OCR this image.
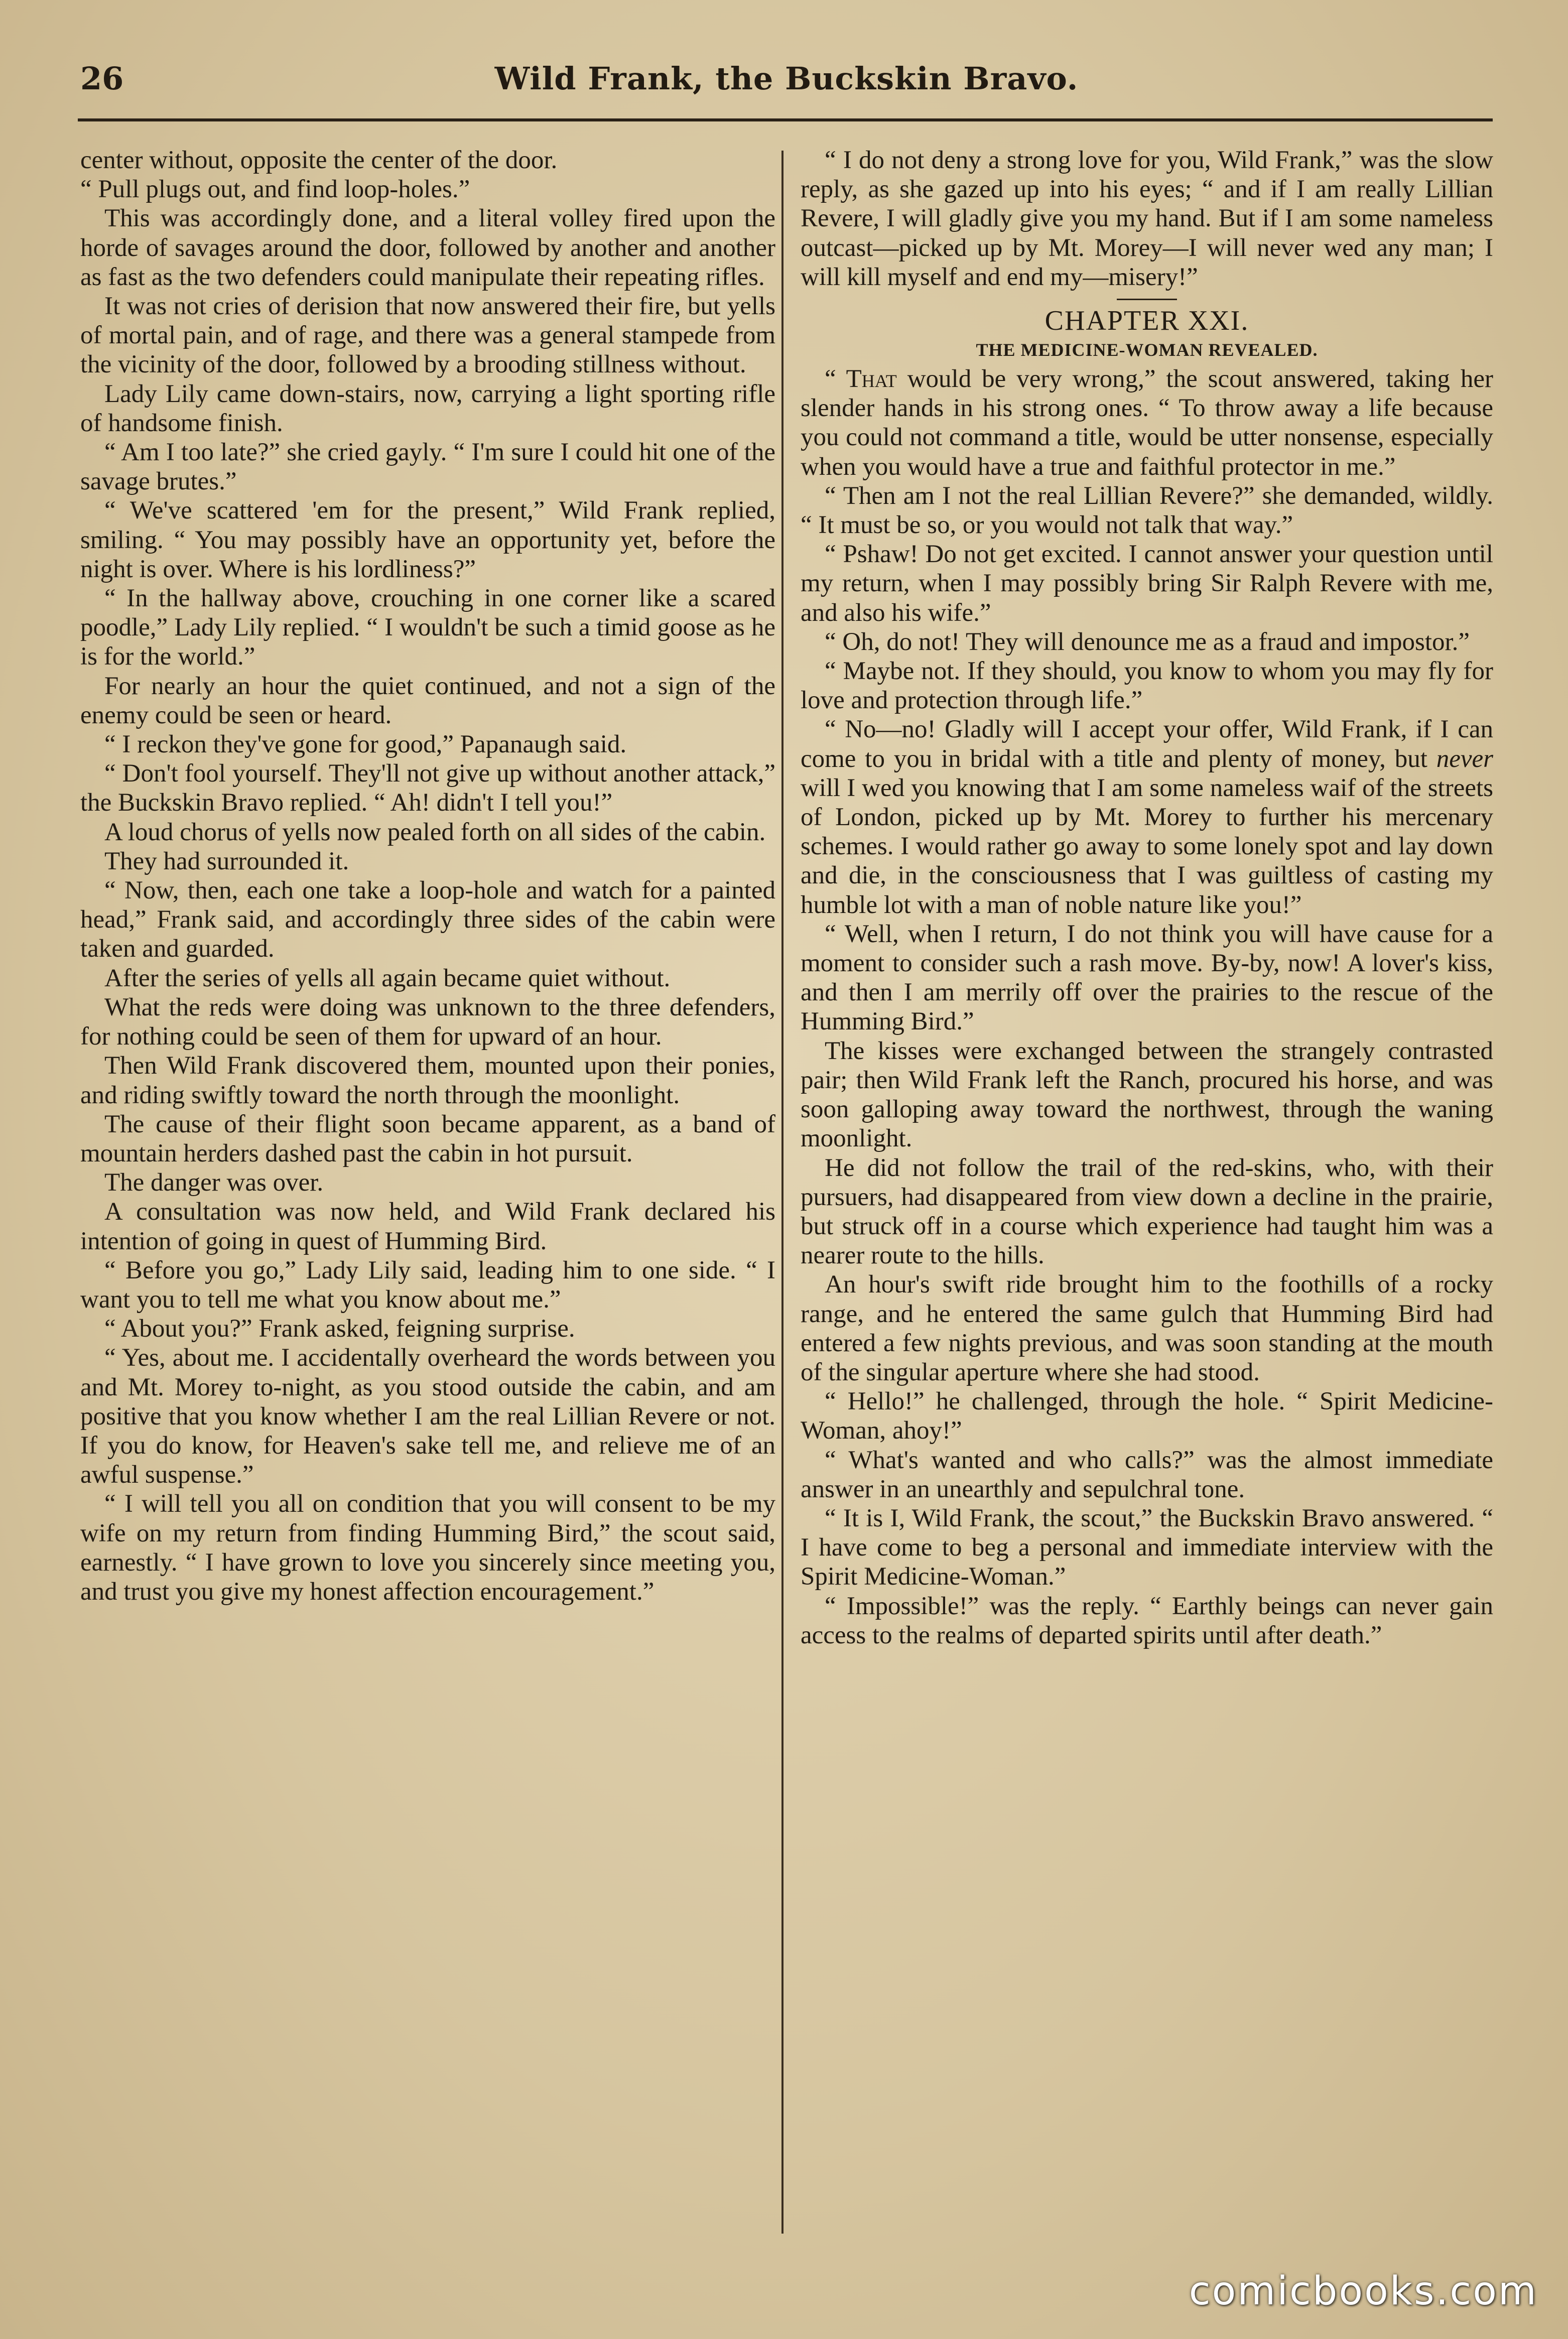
26	Wild Frank, the Buckskin Bravo.

center without, opposite the center of the door.

“ Pull plugs out, and find loop-holes.”

This was accordingly done, and a literal volley fired upon the horde of savages around the door, followed by another and another as fast as the two defenders could manipulate their repeating rifles.

It was not cries of derision that now answered their fire, but yells of mortal pain, and of rage, and there was a general stampede from the vicinity of the door, followed by a brooding stillness without.

Lady Lily came down-stairs, now, carrying a light sporting rifle of handsome finish.

“ Am I too late?” she cried gayly. “ I'm sure I could hit one of the savage brutes.”

“ We've scattered 'em for the present,” Wild Frank replied, smiling. “ You may possibly have an opportunity yet, before the night is over. Where is his lordliness?”

“ In the hallway above, crouching in one corner like a scared poodle,” Lady Lily replied. “ I wouldn't be such a timid goose as he is for the world.”

For nearly an hour the quiet continued, and not a sign of the enemy could be seen or heard.

“ I reckon they've gone for good,” Papanaugh said.

“ Don't fool yourself. They'll not give up without another attack,” the Buckskin Bravo replied. “ Ah! didn't I tell you!”

A loud chorus of yells now pealed forth on all sides of the cabin.

They had surrounded it.

“ Now, then, each one take a loop-hole and watch for a painted head,” Frank said, and accordingly three sides of the cabin were taken and guarded.

After the series of yells all again became quiet without.

What the reds were doing was unknown to the three defenders, for nothing could be seen of them for upward of an hour.

Then Wild Frank discovered them, mounted upon their ponies, and riding swiftly toward the north through the moonlight.

The cause of their flight soon became apparent, as a band of mountain herders dashed past the cabin in hot pursuit.

The danger was over.

A consultation was now held, and Wild Frank declared his intention of going in quest of Humming Bird.

“ Before you go,” Lady Lily said, leading him to one side. “ I want you to tell me what you know about me.”

“ About you?” Frank asked, feigning surprise.

“ Yes, about me. I accidentally overheard the words between you and Mt. Morey to-night, as you stood outside the cabin, and am positive that you know whether I am the real Lillian Revere or not. If you do know, for Heaven's sake tell me, and relieve me of an awful suspense.”

“ I will tell you all on condition that you will consent to be my wife on my return from finding Humming Bird,” the scout said, earnestly. “ I have grown to love you sincerely since meeting you, and trust you give my honest affection encouragement.”

“ I do not deny a strong love for you, Wild Frank,” was the slow reply, as she gazed up into his eyes; “ and if I am really Lillian Revere, I will gladly give you my hand. But if I am some nameless outcast—picked up by Mt. Morey—I will never wed any man; I will kill myself and end my—misery!”

CHAPTER XXI.
THE MEDICINE-WOMAN REVEALED.

“ That would be very wrong,” the scout answered, taking her slender hands in his strong ones. “ To throw away a life because you could not command a title, would be utter nonsense, especially when you would have a true and faithful protector in me.”

“ Then am I not the real Lillian Revere?” she demanded, wildly. “ It must be so, or you would not talk that way.”

“ Pshaw! Do not get excited. I cannot answer your question until my return, when I may possibly bring Sir Ralph Revere with me, and also his wife.”

“ Oh, do not! They will denounce me as a fraud and impostor.”

“ Maybe not. If they should, you know to whom you may fly for love and protection through life.”

“ No—no! Gladly will I accept your offer, Wild Frank, if I can come to you in bridal with a title and plenty of money, but never will I wed you knowing that I am some nameless waif of the streets of London, picked up by Mt. Morey to further his mercenary schemes. I would rather go away to some lonely spot and lay down and die, in the consciousness that I was guiltless of casting my humble lot with a man of noble nature like you!”

“ Well, when I return, I do not think you will have cause for a moment to consider such a rash move. By-by, now! A lover's kiss, and then I am merrily off over the prairies to the rescue of the Humming Bird.”

The kisses were exchanged between the strangely contrasted pair; then Wild Frank left the Ranch, procured his horse, and was soon galloping away toward the northwest, through the waning moonlight.

He did not follow the trail of the red-skins, who, with their pursuers, had disappeared from view down a decline in the prairie, but struck off in a course which experience had taught him was a nearer route to the hills.

An hour's swift ride brought him to the foothills of a rocky range, and he entered the same gulch that Humming Bird had entered a few nights previous, and was soon standing at the mouth of the singular aperture where she had stood.

“ Hello!” he challenged, through the hole. “ Spirit Medicine-Woman, ahoy!”

“ What's wanted and who calls?” was the almost immediate answer in an unearthly and sepulchral tone.

“ It is I, Wild Frank, the scout,” the Buckskin Bravo answered. “ I have come to beg a personal and immediate interview with the Spirit Medicine-Woman.”

“ Impossible!” was the reply. “ Earthly beings can never gain access to the realms of departed spirits until after death.”

comicbooks.com
